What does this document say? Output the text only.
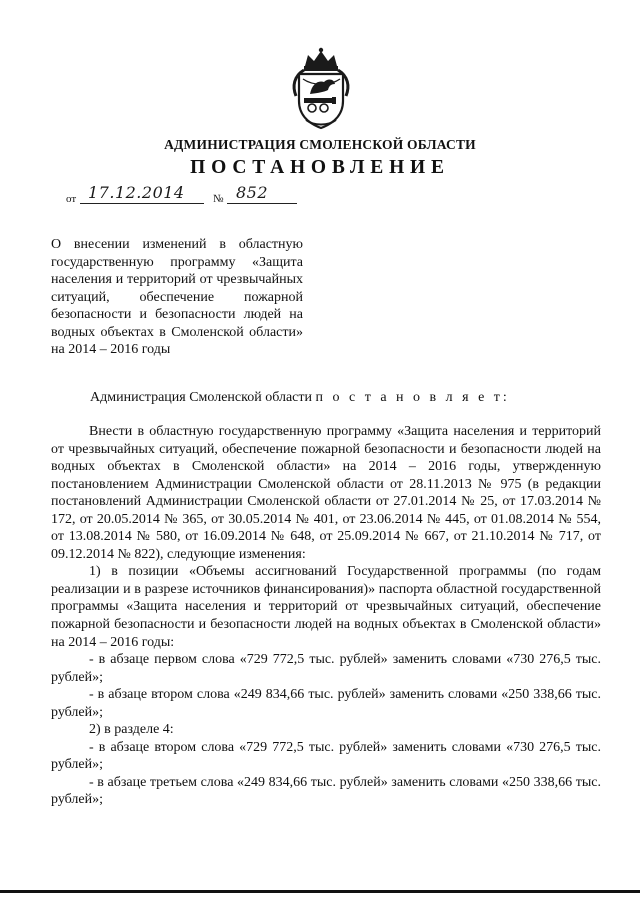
АДМИНИСТРАЦИЯ СМОЛЕНСКОЙ ОБЛАСТИ
ПОСТАНОВЛЕНИЕ
от 17.12.2014	№ 852
О внесении изменений в областную государственную программу «Защита населения и территорий от чрезвычайных ситуаций, обеспечение пожарной безопасности и безопасности людей на водных объектах в Смоленской области» на 2014 – 2016 годы
Администрация Смоленской области п о с т а н о в л я е т:

Внести в областную государственную программу «Защита населения и территорий от чрезвычайных ситуаций, обеспечение пожарной безопасности и безопасности людей на водных объектах в Смоленской области» на 2014 – 2016 годы, утвержденную постановлением Администрации Смоленской области от 28.11.2013 № 975 (в редакции постановлений Администрации Смоленской области от 27.01.2014 № 25, от 17.03.2014 № 172, от 20.05.2014 № 365, от 30.05.2014 № 401, от 23.06.2014 № 445, от 01.08.2014 № 554, от 13.08.2014 № 580, от 16.09.2014 № 648, от 25.09.2014 № 667, от 21.10.2014 № 717, от 09.12.2014 № 822), следующие изменения:

1) в позиции «Объемы ассигнований Государственной программы (по годам реализации и в разрезе источников финансирования)» паспорта областной государственной программы «Защита населения и территорий от чрезвычайных ситуаций, обеспечение пожарной безопасности и безопасности людей на водных объектах в Смоленской области» на 2014 – 2016 годы:

- в абзаце первом слова «729 772,5 тыс. рублей» заменить словами «730 276,5 тыс. рублей»;

- в абзаце втором слова «249 834,66 тыс. рублей» заменить словами «250 338,66 тыс. рублей»;

2) в разделе 4:

- в абзаце втором слова «729 772,5 тыс. рублей» заменить словами «730 276,5 тыс. рублей»;

- в абзаце третьем слова «249 834,66 тыс. рублей» заменить словами «250 338,66 тыс. рублей»;
